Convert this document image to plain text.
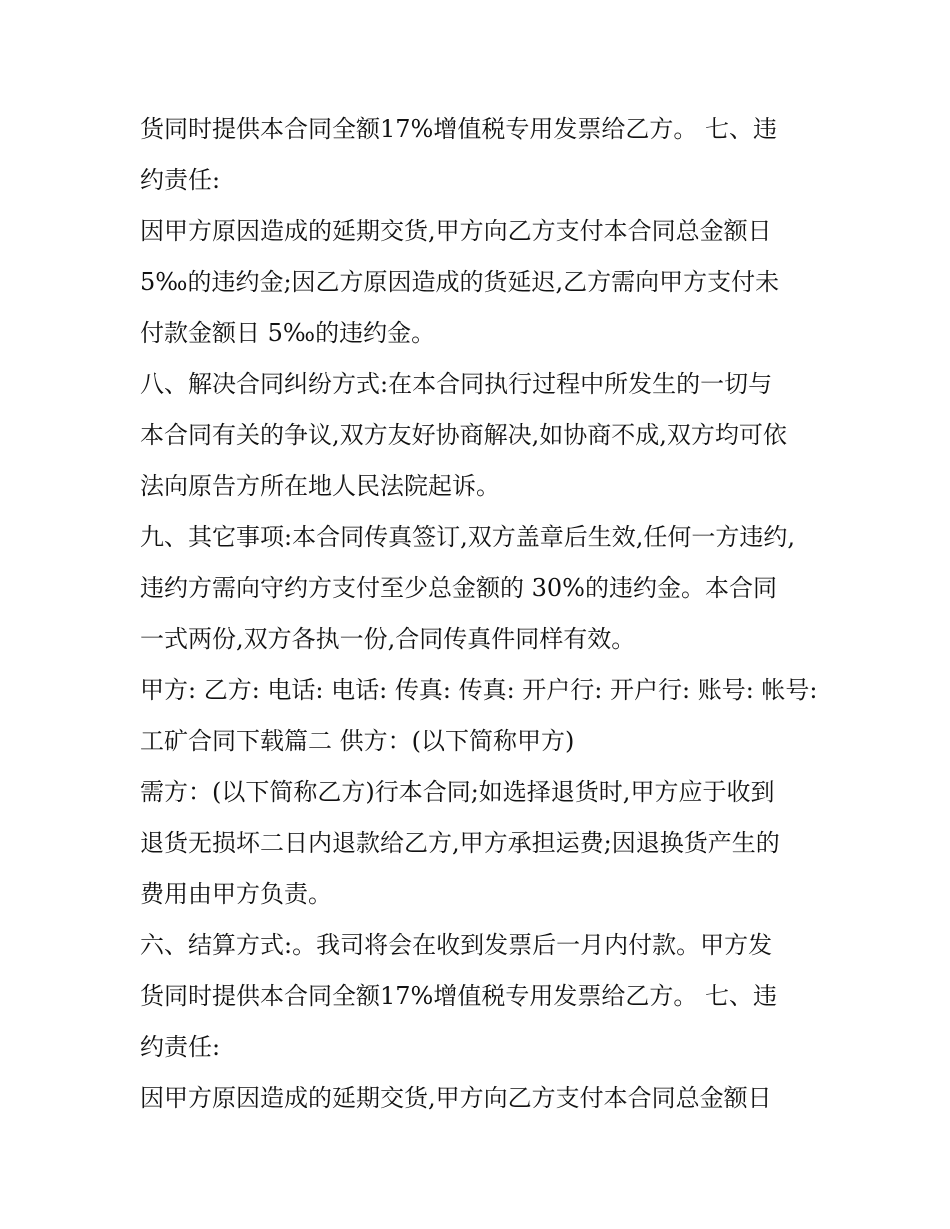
货同时提供本合同全额17%增值税专用发票给乙方。 七、违
约责任:
因甲方原因造成的延期交货,甲方向乙方支付本合同总金额日
5‰的违约金;因乙方原因造成的货延迟,乙方需向甲方支付未
付款金额日 5‰的违约金。
八、解决合同纠纷方式:在本合同执行过程中所发生的一切与
本合同有关的争议,双方友好协商解决,如协商不成,双方均可依
法向原告方所在地人民法院起诉。
九、其它事项:本合同传真签订,双方盖章后生效,任何一方违约,
违约方需向守约方支付至少总金额的 30%的违约金。本合同
一式两份,双方各执一份,合同传真件同样有效。
甲方: 乙方: 电话: 电话: 传真: 传真: 开户行: 开户行: 账号: 帐号:
工矿合同下载篇二 供方：(以下简称甲方)
需方：(以下简称乙方)行本合同;如选择退货时,甲方应于收到
退货无损坏二日内退款给乙方,甲方承担运费;因退换货产生的
费用由甲方负责。
六、结算方式:。我司将会在收到发票后一月内付款。甲方发
货同时提供本合同全额17%增值税专用发票给乙方。 七、违
约责任:
因甲方原因造成的延期交货,甲方向乙方支付本合同总金额日
